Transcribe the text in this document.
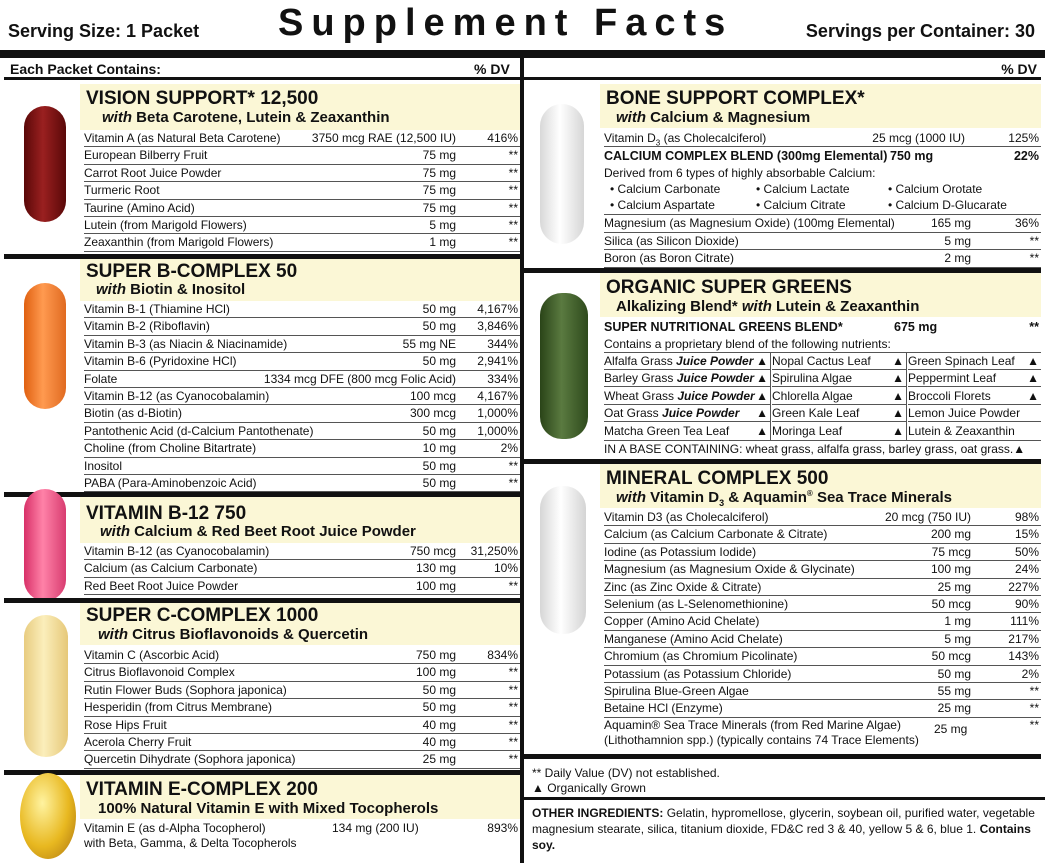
Serving Size: 1 Packet Supplement Facts	Servings per Container: 30
Each Packet Contains:	% DV	% DV
VISION SUPPORT* 12,500
with Beta Carotene, Lutein & Zeaxanthin
Vitamin A (as Natural Beta Carotene)	3750 mcg RAE (12,500 IU)	416%
European Bilberry Fruit	75 mg	**
Carrot Root Juice Powder	75 mg	**
Turmeric Root	75 mg	**
Taurine (Amino Acid)	75 mg	**
Lutein (from Marigold Flowers)	5 mg	**
Zeaxanthin (from Marigold Flowers)	1 mg	**
SUPER B-COMPLEX 50
with Biotin & Inositol
Vitamin B-1 (Thiamine HCl)	50 mg 4,167%
Vitamin B-2 (Riboflavin)	50 mg 3,846%
Vitamin B-3 (as Niacin & Niacinamide)	55 mg NE	344%
Vitamin B-6 (Pyridoxine HCl)	50 mg 2,941%
Folate	1334 mcg DFE (800 mcg Folic Acid)	334%
Vitamin B-12 (as Cyanocobalamin)	100 mcg 4,167%
Biotin (as d-Biotin)	300 mcg 1,000%
Pantothenic Acid (d-Calcium Pantothenate)	50 mg 1,000%
Choline (from Choline Bitartrate)	10 mg	2%
Inositol	50 mg	**
PABA (Para-Aminobenzoic Acid)	50 mg	**
VITAMIN B-12 750
with Calcium & Red Beet Root Juice Powder
Vitamin B-12 (as Cyanocobalamin)	750 mcg 31,250%
Calcium (as Calcium Carbonate)	130 mg	10%
Red Beet Root Juice Powder	100 mg	**
SUPER C-COMPLEX 1000
with Citrus Bioflavonoids & Quercetin
Vitamin C (Ascorbic Acid)	750 mg	834%
Citrus Bioflavonoid Complex	100 mg	**
Rutin Flower Buds (Sophora japonica)	50 mg	**
Hesperidin (from Citrus Membrane)	50 mg	**
Rose Hips Fruit	40 mg	**
Acerola Cherry Fruit	40 mg	**
Quercetin Dihydrate (Sophora japonica)	25 mg	**
VITAMIN E-COMPLEX 200
100% Natural Vitamin E with Mixed Tocopherols
Vitamin E (as d-Alpha Tocopherol)	134 mg (200 IU)	893%
with Beta, Gamma, & Delta Tocopherols
BONE SUPPORT COMPLEX*
with Calcium & Magnesium
Vitamin $D_3$ (as Cholecalciferol)	25 mcg (1000 IU)	125%
CALCIUM COMPLEX BLEND (300mg Elemental) 750 mg	22%
Derived from 6 types of highly absorbable Calcium:
• Calcium Carbonate	• Calcium Lactate	• Calcium Orotate
• Calcium Aspartate	• Calcium Citrate	• Calcium D-Glucarate
Magnesium (as Magnesium Oxide) (100mg Elemental)	165 mg	36%
Silica (as Silicon Dioxide)	5 mg	**
Boron (as Boron Citrate)	2 mg	**
ORGANIC SUPER GREENS
Alkalizing Blend* with Lutein & Zeaxanthin
SUPER NUTRITIONAL GREENS BLEND*	675 mg	**
Contains a proprietary blend of the following nutrients:
Alfalfa Grass Juice Powder ▲ Nopal Cactus Leaf ▲ Green Spinach Leaf ▲
Barley Grass Juice Powder ▲ Spirulina Algae	▲ Peppermint Leaf	▲
Wheat Grass Juice Powder ▲ Chlorella Algae	▲ Broccoli Florets	▲
Oat Grass Juice Powder ▲ Green Kale Leaf	▲ Lemon Juice Powder
Matcha Green Tea Leaf ▲ Moringa Leaf	▲ Lutein & Zeaxanthin
IN A BASE CONTAINING: wheat grass, alfalfa grass, barley grass, oat grass.▲
MINERAL COMPLEX 500
with Vitamin $D_3$ & Aquamin® Sea Trace Minerals
Vitamin D3 (as Cholecalciferol)	20 mcg (750 IU)	98%
Calcium (as Calcium Carbonate & Citrate)	200 mg	15%
Iodine (as Potassium Iodide)	75 mcg	50%
Magnesium (as Magnesium Oxide & Glycinate)	100 mg	24%
Zinc (as Zinc Oxide & Citrate)	25 mg	227%
Selenium (as L-Selenomethionine)	50 mcg	90%
Copper (Amino Acid Chelate)	1 mg	111%
Manganese (Amino Acid Chelate)	5 mg	217%
Chromium (as Chromium Picolinate)	50 mcg	143%
Potassium (as Potassium Chloride)	50 mg	2%
Spirulina Blue-Green Algae	55 mg	**
Betaine HCl (Enzyme)	25 mg	**
Aquamin® Sea Trace Minerals (from Red Marine Algae)	25 mg	**
(Lithothamnion spp.) (typically contains 74 Trace Elements)
** Daily Value (DV) not established.
▲ Organically Grown
OTHER INGREDIENTS: Gelatin, hypromellose, glycerin, soybean oil, purified water, vegetable magnesium stearate, silica, titanium dioxide, FD&C red 3 & 40, yellow 5 & 6, blue 1. Contains soy.
